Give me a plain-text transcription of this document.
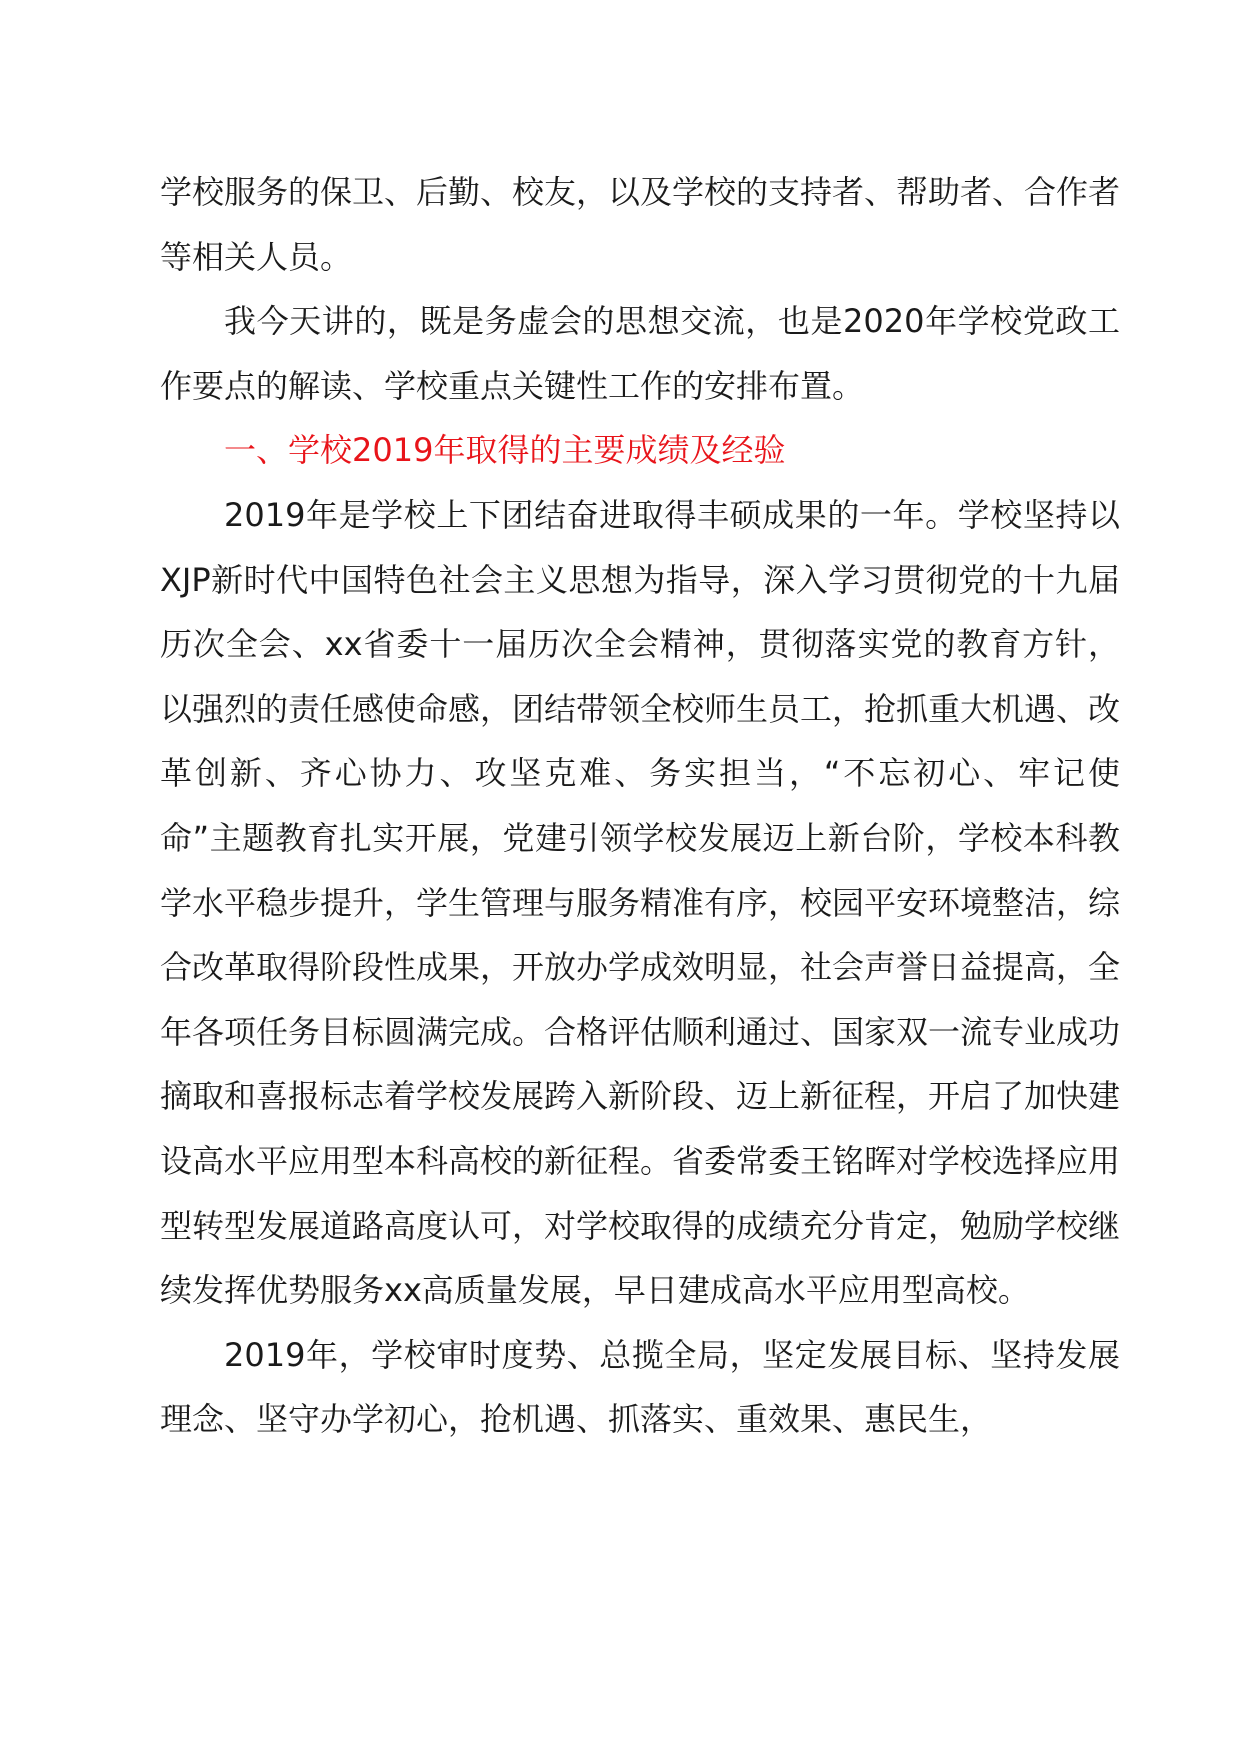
学校服务的保卫、后勤、校友，以及学校的支持者、帮助者、合作者等相关人员。

我今天讲的，既是务虚会的思想交流，也是2020年学校党政工作要点的解读、学校重点关键性工作的安排布置。

一、学校2019年取得的主要成绩及经验

2019年是学校上下团结奋进取得丰硕成果的一年。学校坚持以XJP新时代中国特色社会主义思想为指导，深入学习贯彻党的十九届历次全会、xx省委十一届历次全会精神，贯彻落实党的教育方针，以强烈的责任感使命感，团结带领全校师生员工，抢抓重大机遇、改革创新、齐心协力、攻坚克难、务实担当，“不忘初心、牢记使命”主题教育扎实开展，党建引领学校发展迈上新台阶，学校本科教学水平稳步提升，学生管理与服务精准有序，校园平安环境整洁，综合改革取得阶段性成果，开放办学成效明显，社会声誉日益提高，全年各项任务目标圆满完成。合格评估顺利通过、国家双一流专业成功摘取和喜报标志着学校发展跨入新阶段、迈上新征程，开启了加快建设高水平应用型本科高校的新征程。省委常委王铭晖对学校选择应用型转型发展道路高度认可，对学校取得的成绩充分肯定，勉励学校继续发挥优势服务xx高质量发展，早日建成高水平应用型高校。

2019年，学校审时度势、总揽全局，坚定发展目标、坚持发展理念、坚守办学初心，抢机遇、抓落实、重效果、惠民生，
